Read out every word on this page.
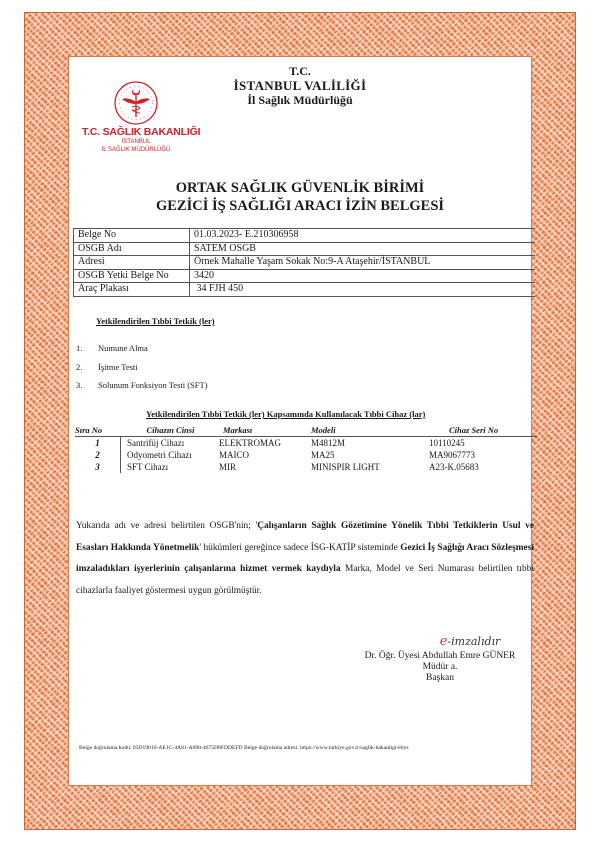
T.C. SAĞLIK BAKANLIĞI
İSTANBUL
İL SAĞLIK MÜDÜRLÜĞÜ
T.C.
İSTANBUL VALİLİĞİ
İl Sağlık Müdürlüğü
ORTAK SAĞLIK GÜVENLİK BİRİMİ
GEZİCİ İŞ SAĞLIĞI ARACI İZİN BELGESİ
Belge No	01.03.2023- E.210306958
OSGB Adı	SATEM OSGB
Adresi	Örnek Mahalle Yaşam Sokak No:9-A Ataşehir/İSTANBUL
OSGB Yetki Belge No	3420
Araç Plakası	34 FJH 450
Yetkilendirilen Tıbbi Tetkik (ler)
1. Numune Alma
2. İşitme Testi
3. Solunum Fonksiyon Testi (SFT)
Yetkilendirilen Tıbbi Tetkik (ler) Kapsamında Kullanılacak Tıbbi Cihaz (lar)
Sıra No	Cihazın Cinsi	Markası	Modeli	Cihaz Seri No
1	Santrifüj Cihazı	ELEKTROMAG	M4812M	10110245
2	Odyometri Cihazı	MAICO	MA25	MA9067773
3	SFT Cihazı	MIR	MINISPIR LIGHT	A23-K.05683
Yukarıda adı ve adresi belirtilen OSGB'nin; 'Çalışanların Sağlık Gözetimine Yönelik Tıbbi Tetkiklerin Usul ve Esasları Hakkında Yönetmelik' hükümleri gereğince sadece İSG-KATİP sisteminde Gezici İş Sağlığı Aracı Sözleşmesi imzaladıkları işyerlerinin çalışanlarına hizmet vermek kaydıyla Marka, Model ve Seri Numarası belirtilen tıbbi cihazlarla faaliyet göstermesi uygun görülmüştür.
e-imzalıdır
Dr. Öğr. Üyesi Abdullah Emre GÜNER
Müdür a.
Başkan
Belge doğrulama kodu: 05D19016-AE1C-4A81-A090-4675D8FDDEFD Belge doğrulama adresi: https://www.turkiye.gov.tr/saglik-bakanligi-ebys
